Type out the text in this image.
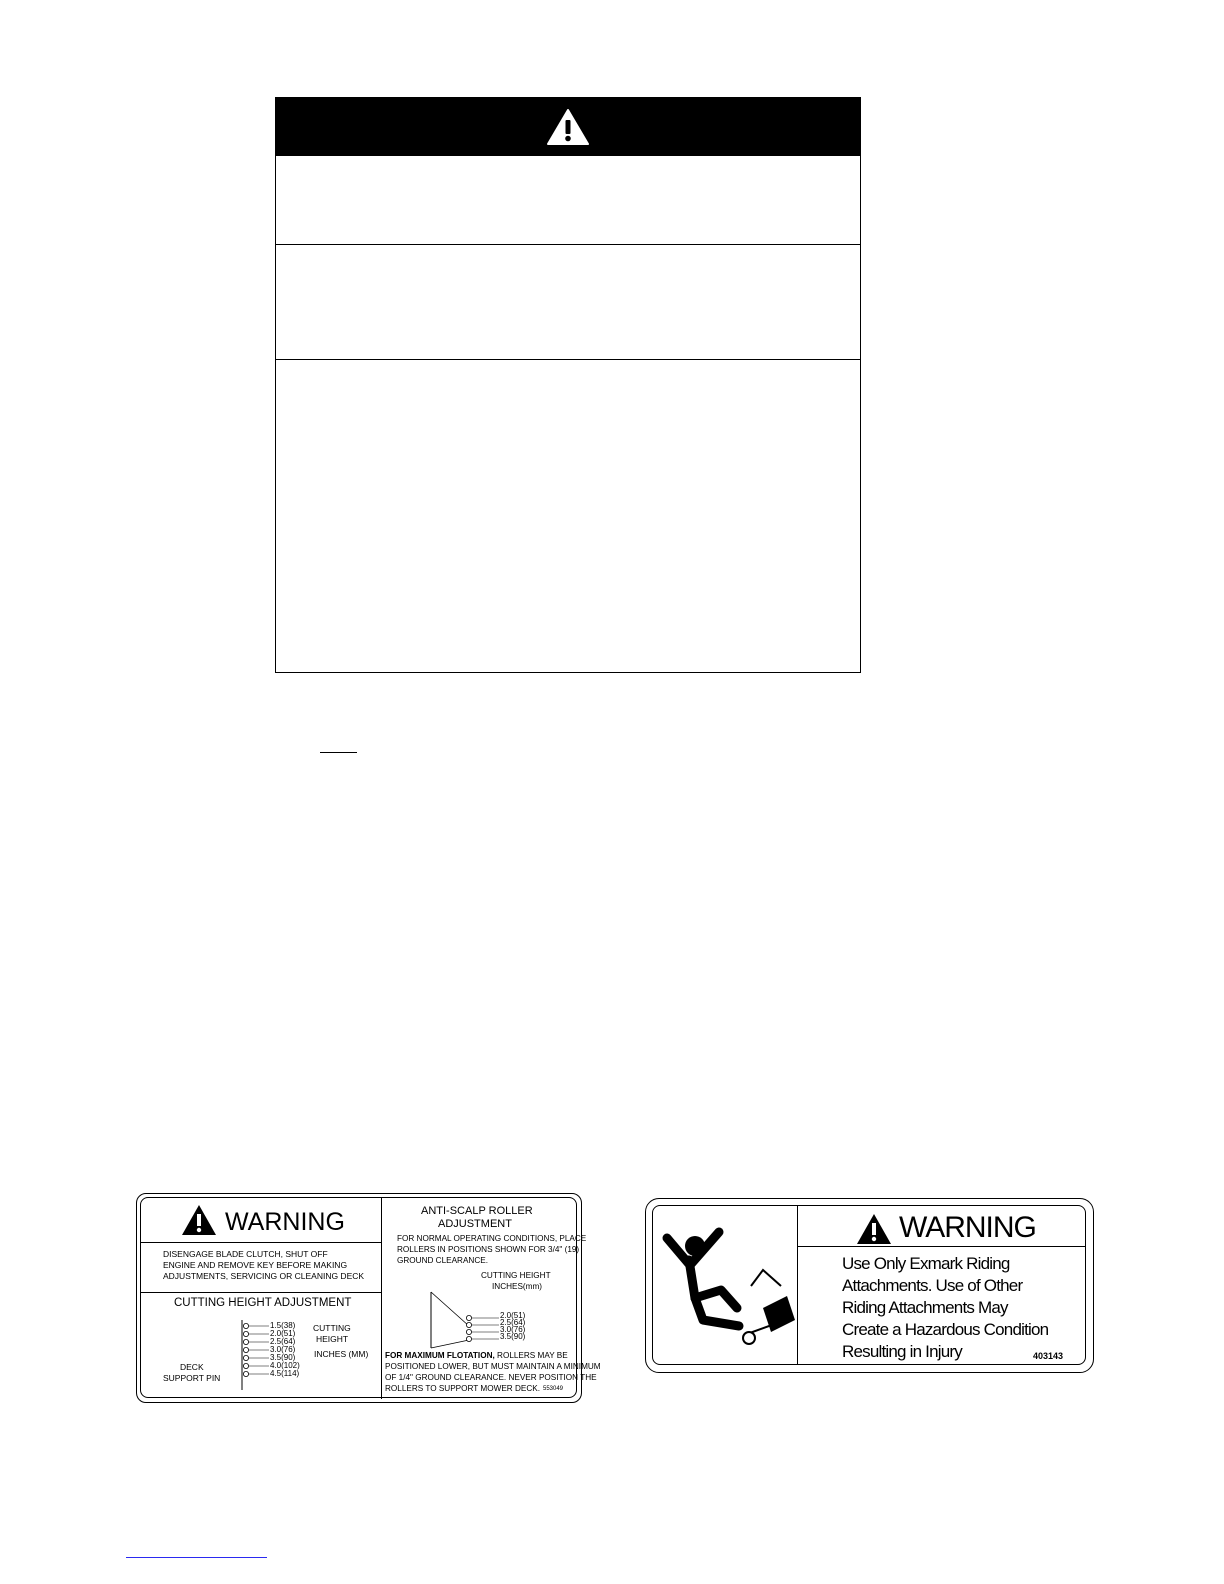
WARNING
DISENGAGE BLADE CLUTCH, SHUT OFF
ENGINE AND REMOVE KEY BEFORE MAKING
ADJUSTMENTS, SERVICING OR CLEANING DECK
CUTTING HEIGHT ADJUSTMENT
1.5(38)
2.0(51)
2.5(64)
3.0(76)
3.5(90)
4.0(102)
4.5(114)
CUTTING
HEIGHT
INCHES (MM)
DECK
SUPPORT PIN
ANTI-SCALP ROLLER
ADJUSTMENT
FOR NORMAL OPERATING CONDITIONS, PLACE
ROLLERS IN POSITIONS SHOWN FOR 3/4" (19)
GROUND CLEARANCE.
CUTTING HEIGHT
INCHES(mm)
2.0(51)
2.5(64)
3.0(76)
3.5(90)
FOR MAXIMUM FLOTATION, ROLLERS MAY BE
POSITIONED LOWER, BUT MUST MAINTAIN A MINIMUM
OF 1/4" GROUND CLEARANCE. NEVER POSITION THE
ROLLERS TO SUPPORT MOWER DECK. 553049
WARNING
Use Only Exmark Riding
Attachments. Use of Other
Riding Attachments May
Create a Hazardous Condition
Resulting in Injury	403143
